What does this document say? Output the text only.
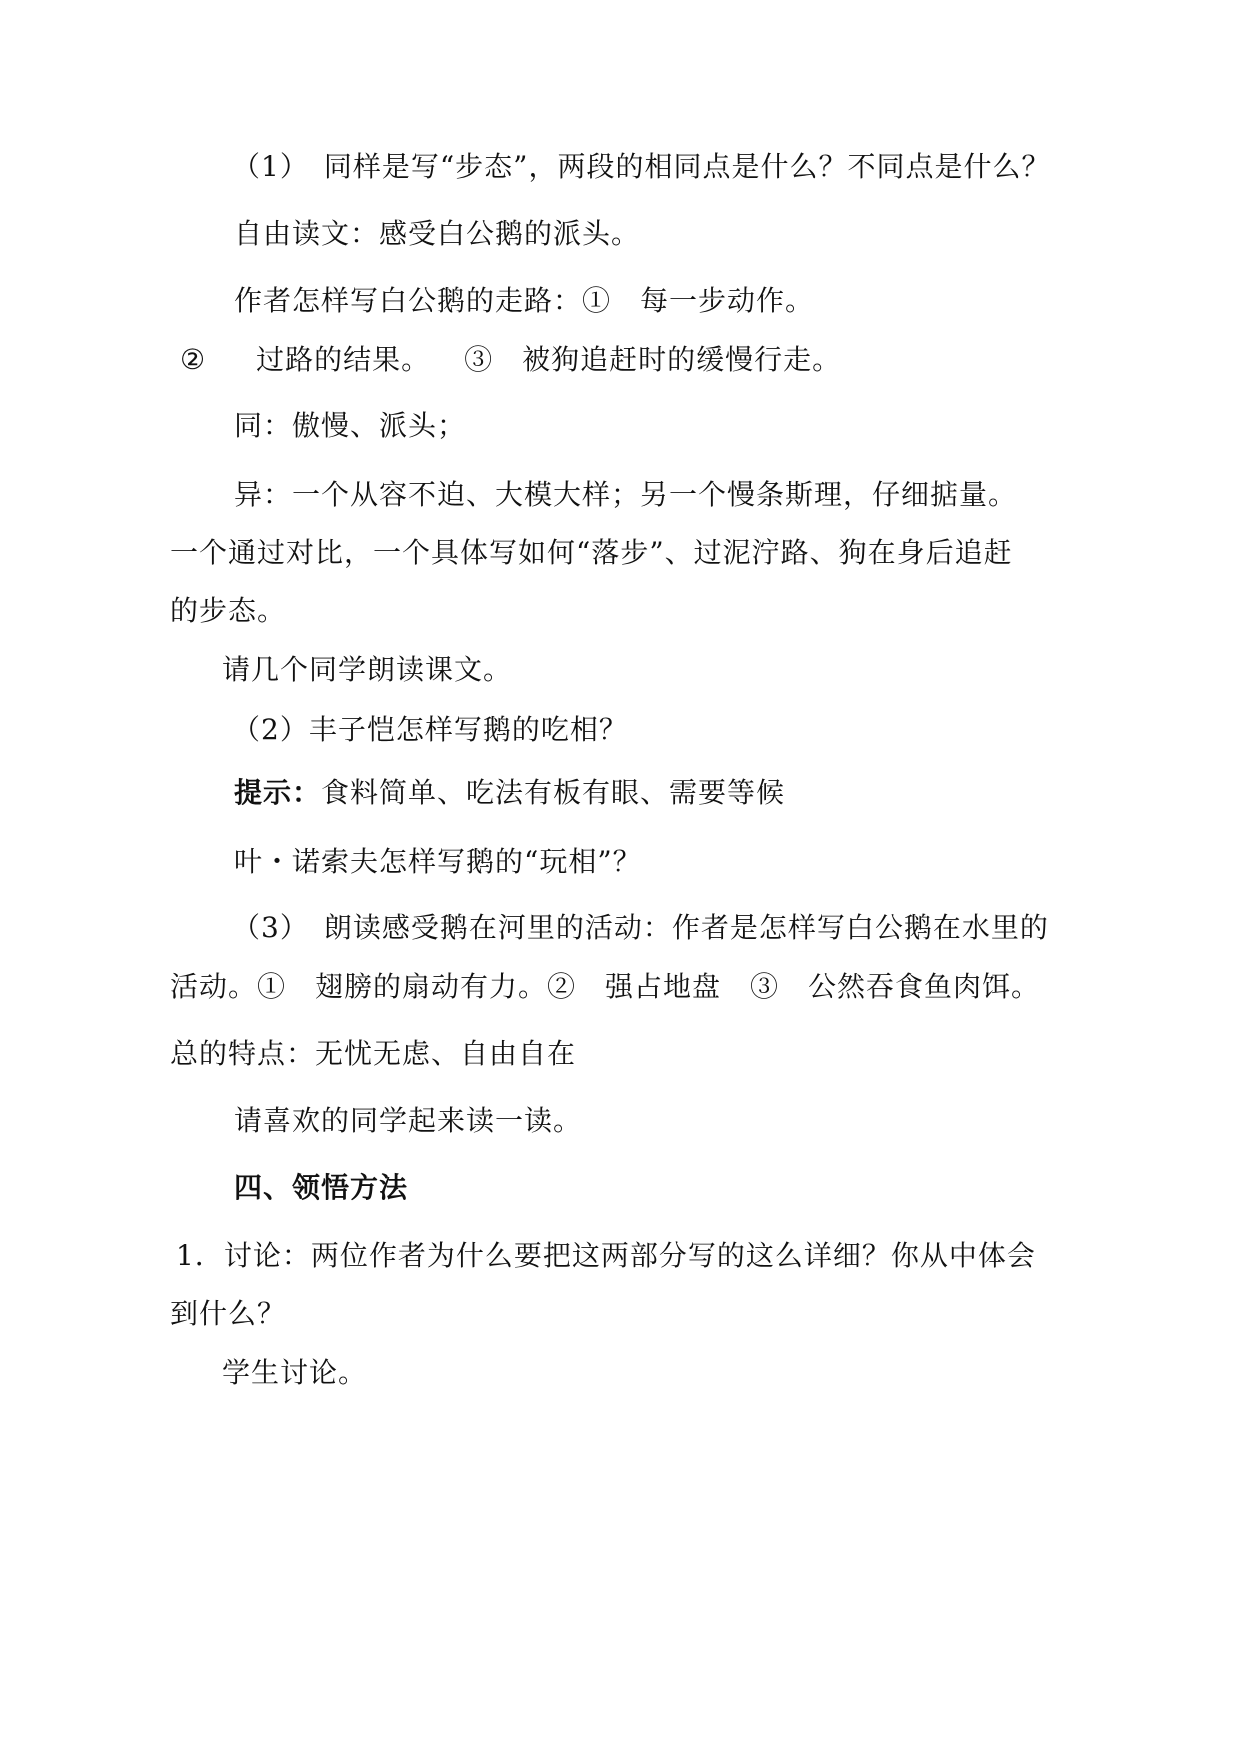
（1）　同样是写“步态”，两段的相同点是什么？不同点是什么？
自由读文：感受白公鹅的派头。
作者怎样写白公鹅的走路：①　每一步动作。
② 过路的结果。 ③　被狗追赶时的缓慢行走。
同：傲慢、派头；
异：一个从容不迫、大模大样；另一个慢条斯理，仔细掂量。
一个通过对比，一个具体写如何“落步”、过泥泞路、狗在身后追赶
的步态。
请几个同学朗读课文。
（2）丰子恺怎样写鹅的吃相？
提示：食料简单、吃法有板有眼、需要等候
叶・诺索夫怎样写鹅的“玩相”？
（3）　朗读感受鹅在河里的活动：作者是怎样写白公鹅在水里的
活动。①　翅膀的扇动有力。②　强占地盘　③　公然吞食鱼肉饵。
总的特点：无忧无虑、自由自在
请喜欢的同学起来读一读。
四、领悟方法
1．讨论：两位作者为什么要把这两部分写的这么详细？你从中体会
到什么？
学生讨论。
